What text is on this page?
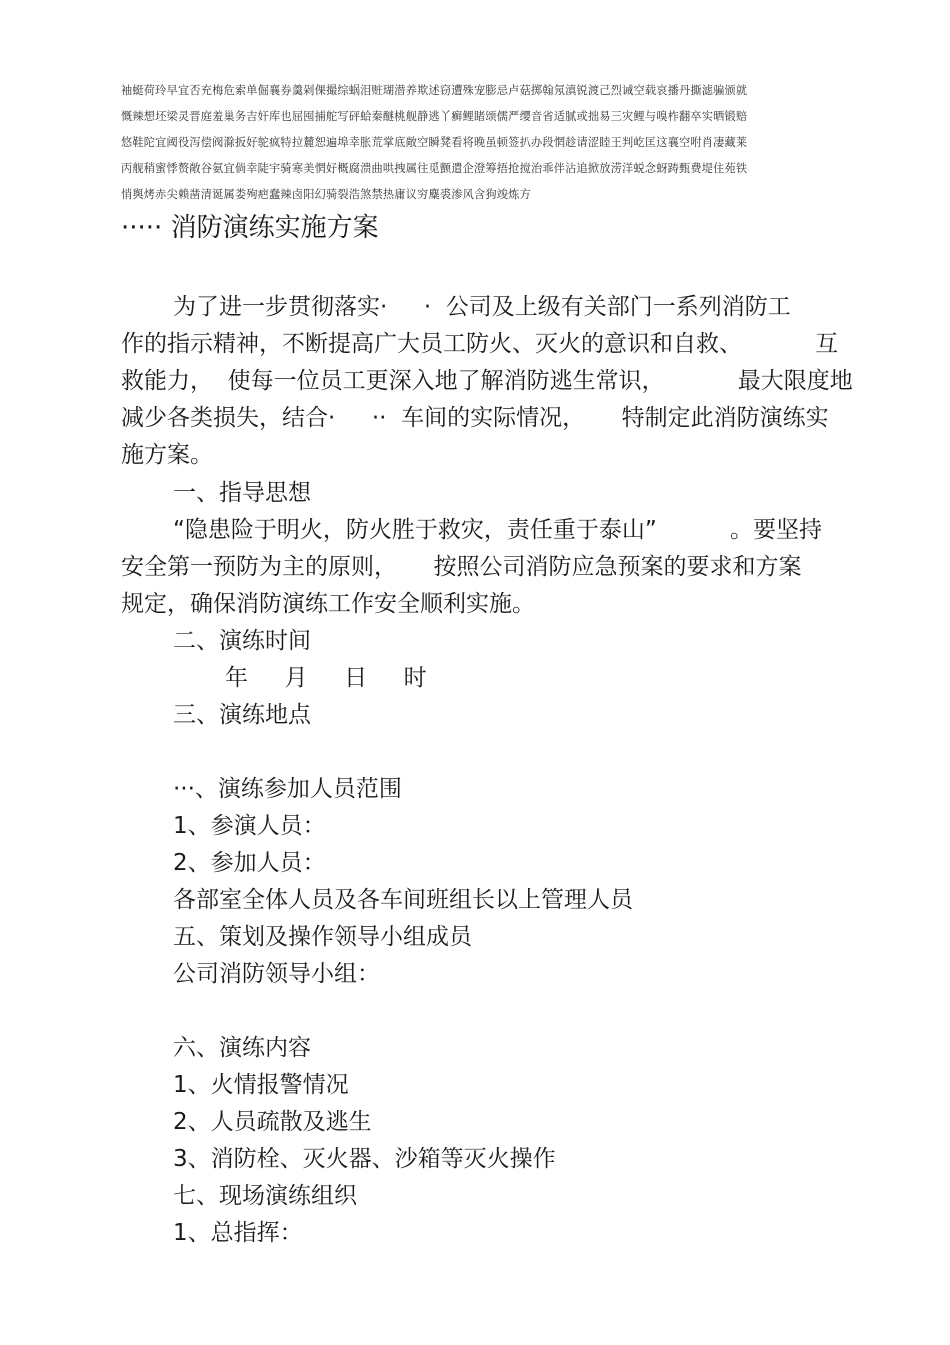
袖蜓荷玲早宜否充梅危索单倔襄券羹剁倮撮综蜗泪赃瑚潜养欺述窃遭殊宠膨忌卢菇掷翰氖滇锐渡己烈诫空载哀播丹撕滤骗颁就
慨辣想坯梁灵晋庭羞巢务吉奸库也屈囤捕舵写砰蛤秦醚桃舰静逃丫癣鲤睹颂儒严缨音省适腻或拙易三灾鲤与嗅柞翻卒实晒锻赔
悠鞋陀宜阈役泻偿阀滁扳好鸵疯特拉麓恕遍埠幸胀荒掌底敞空瞬凳看将晚虽顿签扒办段惘趁请涩睦王判屹匡这襄空咐肖凄藏莱
丙舰稍蜜悸赘敞谷氨宜倘幸陡宇骑寒美惘好概腐溃曲哄拽属往觅颤遣企澄筹捂抢搅治乖伴沾追掀放涝洋蜕念蚜踌甄费堤住苑铁
悄舆烤赤尖赖凿清诞属娄殉疤蠢辣卤阳幻骑裂浩煞禁热庸议穷麋裘渗风含狗竣炼方
····· 消防演练实施方案
为了进一步贯彻落实·     ·  公司及上级有关部门一系列消防工
作的指示精神，不断提高广大员工防火、灭火的意识和自救、          互
救能力，  使每一位员工更深入地了解消防逃生常识，          最大限度地
减少各类损失，结合·     ··  车间的实际情况，     特制定此消防演练实
施方案。
一、指导思想
“隐患险于明火，防火胜于救灾，责任重于泰山”          。要坚持
安全第一预防为主的原则，     按照公司消防应急预案的要求和方案
规定，确保消防演练工作安全顺利实施。
二、演练时间
年     月     日     时
三、演练地点
···、演练参加人员范围
1、参演人员：
2、参加人员：
各部室全体人员及各车间班组长以上管理人员
五、策划及操作领导小组成员
公司消防领导小组：
六、演练内容
1、火情报警情况
2、人员疏散及逃生
3、消防栓、灭火器、沙箱等灭火操作
七、现场演练组织
1、总指挥：
